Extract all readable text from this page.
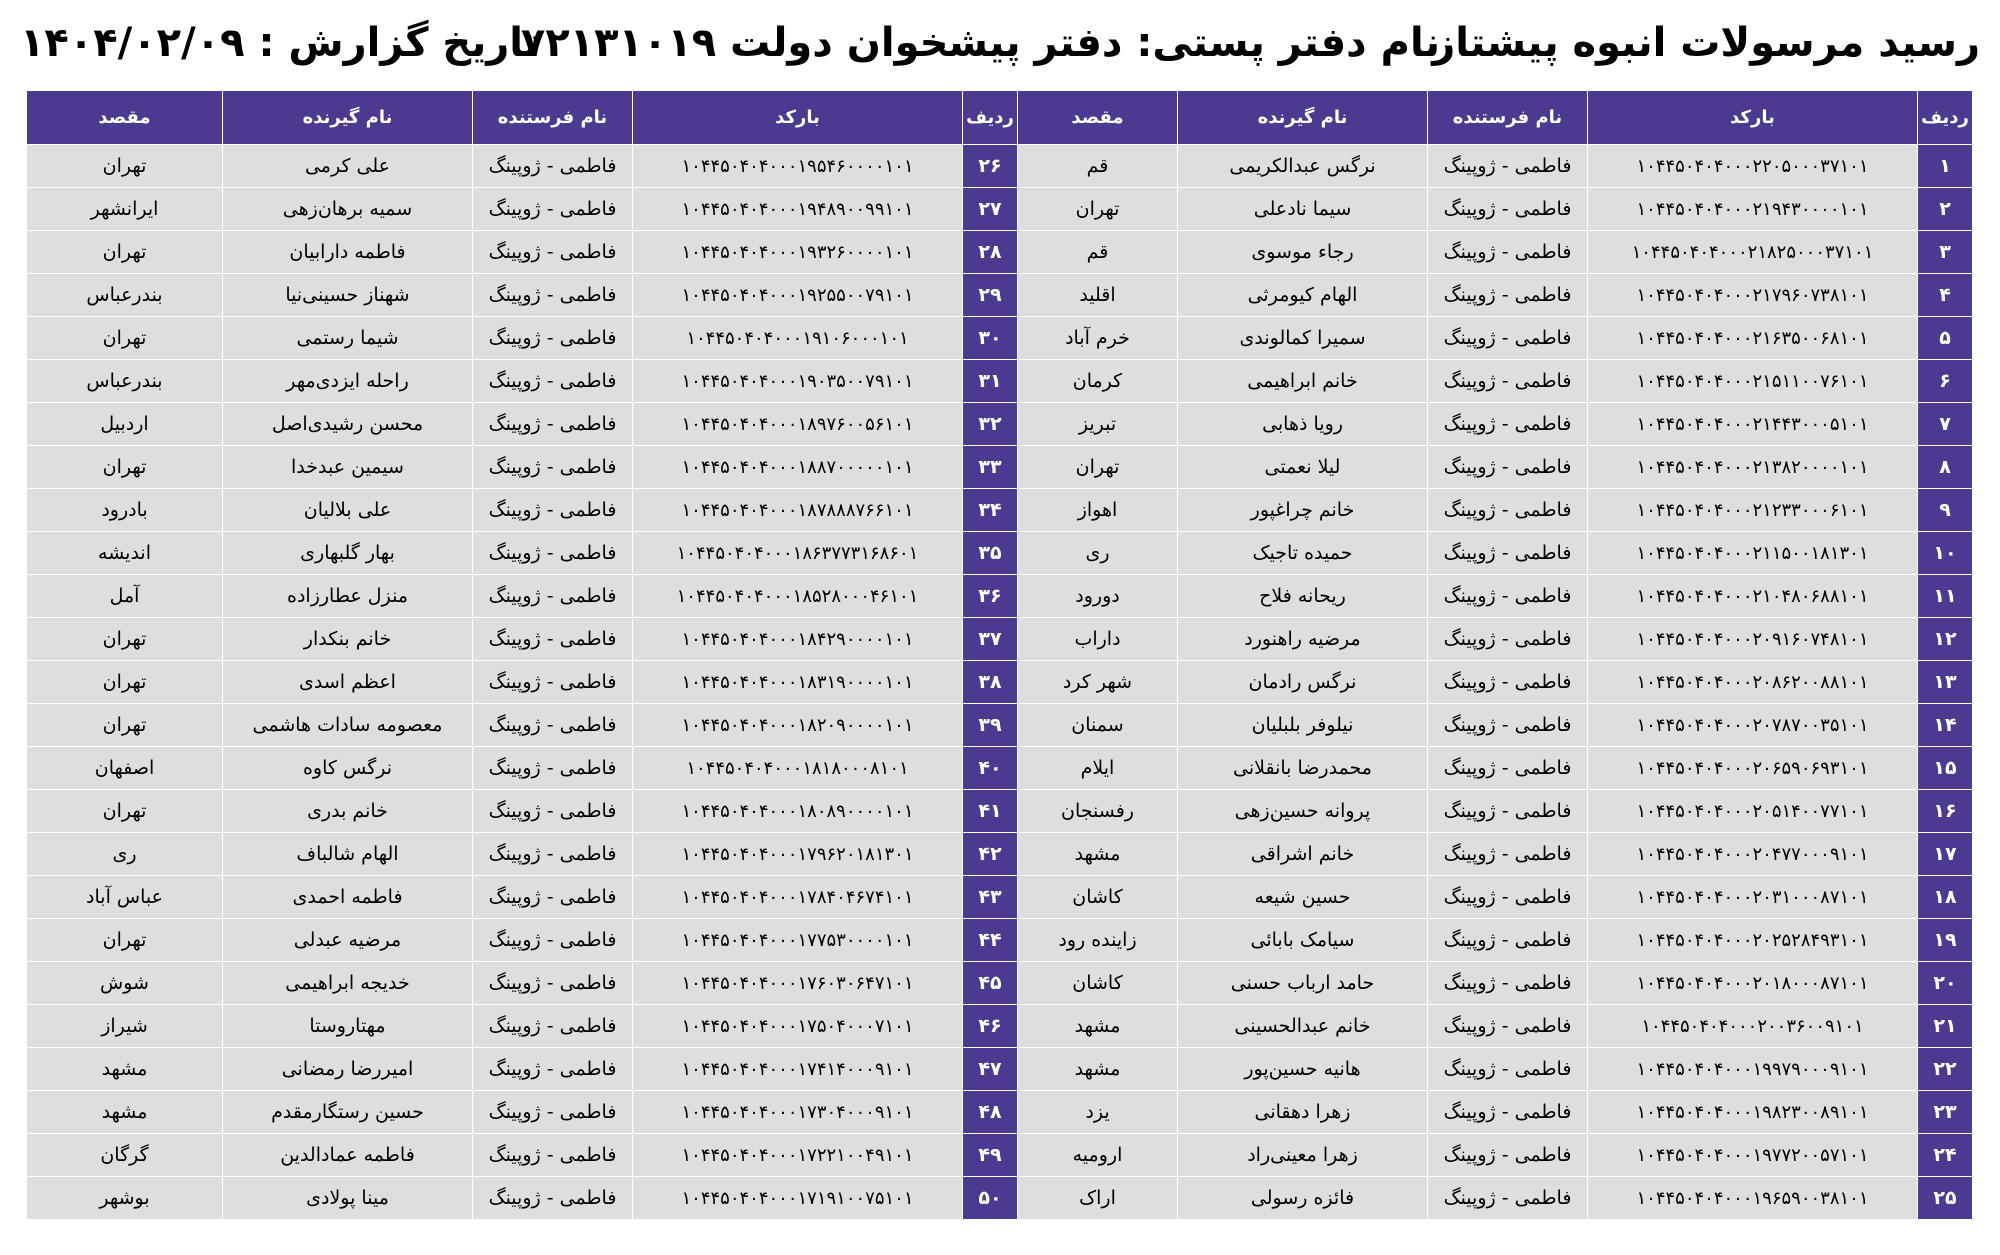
رسید مرسولات انبوه پیشتاز
نام دفتر پستی: دفتر پیشخوان دولت ۷۲۱۳۱۰۱۹
تاریخ گزارش : ۱۴۰۴/۰۲/۰۹
ردیف	بارکد	نام فرستنده	نام گیرنده	مقصد	ردیف	بارکد	نام فرستنده	نام گیرنده	مقصد
۱	۱۰۴۴۵۰۴۰۴۰۰۰۲۲۰۵۰۰۰۳۷۱۰۱	فاطمی - ژوپینگ	نرگس عبدالکریمی	قم	۲۶	۱۰۴۴۵۰۴۰۴۰۰۰۱۹۵۴۶۰۰۰۰۱۰۱	فاطمی - ژوپینگ	علی کرمی	تهران
۲	۱۰۴۴۵۰۴۰۴۰۰۰۲۱۹۴۳۰۰۰۰۱۰۱	فاطمی - ژوپینگ	سیما نادعلی	تهران	۲۷	۱۰۴۴۵۰۴۰۴۰۰۰۱۹۴۸۹۰۰۹۹۱۰۱	فاطمی - ژوپینگ	سمیه برهان‌زهی	ایرانشهر
۳	۱۰۴۴۵۰۴۰۴۰۰۰۲۱۸۲۵۰۰۰۳۷۱۰۱	فاطمی - ژوپینگ	رجاء موسوی	قم	۲۸	۱۰۴۴۵۰۴۰۴۰۰۰۱۹۳۲۶۰۰۰۰۱۰۱	فاطمی - ژوپینگ	فاطمه دارابیان	تهران
۴	۱۰۴۴۵۰۴۰۴۰۰۰۲۱۷۹۶۰۷۳۸۱۰۱	فاطمی - ژوپینگ	الهام کیومرثی	اقلید	۲۹	۱۰۴۴۵۰۴۰۴۰۰۰۱۹۲۵۵۰۰۷۹۱۰۱	فاطمی - ژوپینگ	شهناز حسینی‌نیا	بندرعباس
۵	۱۰۴۴۵۰۴۰۴۰۰۰۲۱۶۳۵۰۰۶۸۱۰۱	فاطمی - ژوپینگ	سمیرا کمالوندی	خرم آباد	۳۰	۱۰۴۴۵۰۴۰۴۰۰۰۱۹۱۰۶۰۰۰۱۰۱	فاطمی - ژوپینگ	شیما رستمی	تهران
۶	۱۰۴۴۵۰۴۰۴۰۰۰۲۱۵۱۱۰۰۷۶۱۰۱	فاطمی - ژوپینگ	خانم ابراهیمی	کرمان	۳۱	۱۰۴۴۵۰۴۰۴۰۰۰۱۹۰۳۵۰۰۷۹۱۰۱	فاطمی - ژوپینگ	راحله ایزدی‌مهر	بندرعباس
۷	۱۰۴۴۵۰۴۰۴۰۰۰۲۱۴۴۳۰۰۰۵۱۰۱	فاطمی - ژوپینگ	رویا ذهابی	تبریز	۳۲	۱۰۴۴۵۰۴۰۴۰۰۰۱۸۹۷۶۰۰۵۶۱۰۱	فاطمی - ژوپینگ	محسن رشیدی‌اصل	اردبیل
۸	۱۰۴۴۵۰۴۰۴۰۰۰۲۱۳۸۲۰۰۰۰۱۰۱	فاطمی - ژوپینگ	لیلا نعمتی	تهران	۳۳	۱۰۴۴۵۰۴۰۴۰۰۰۱۸۸۷۰۰۰۰۰۱۰۱	فاطمی - ژوپینگ	سیمین عبدخدا	تهران
۹	۱۰۴۴۵۰۴۰۴۰۰۰۲۱۲۳۳۰۰۰۶۱۰۱	فاطمی - ژوپینگ	خانم چراغپور	اهواز	۳۴	۱۰۴۴۵۰۴۰۴۰۰۰۱۸۷۸۸۸۷۶۶۱۰۱	فاطمی - ژوپینگ	علی بلالیان	بادرود
۱۰	۱۰۴۴۵۰۴۰۴۰۰۰۲۱۱۵۰۰۱۸۱۳۰۱	فاطمی - ژوپینگ	حمیده تاجیک	ری	۳۵	۱۰۴۴۵۰۴۰۴۰۰۰۱۸۶۳۷۷۳۱۶۸۶۰۱	فاطمی - ژوپینگ	بهار گلبهاری	اندیشه
۱۱	۱۰۴۴۵۰۴۰۴۰۰۰۲۱۰۴۸۰۶۸۸۱۰۱	فاطمی - ژوپینگ	ریحانه فلاح	دورود	۳۶	۱۰۴۴۵۰۴۰۴۰۰۰۱۸۵۲۸۰۰۰۴۶۱۰۱	فاطمی - ژوپینگ	منزل عطارزاده	آمل
۱۲	۱۰۴۴۵۰۴۰۴۰۰۰۲۰۹۱۶۰۷۴۸۱۰۱	فاطمی - ژوپینگ	مرضیه راهنورد	داراب	۳۷	۱۰۴۴۵۰۴۰۴۰۰۰۱۸۴۲۹۰۰۰۰۱۰۱	فاطمی - ژوپینگ	خانم بنکدار	تهران
۱۳	۱۰۴۴۵۰۴۰۴۰۰۰۲۰۸۶۲۰۰۸۸۱۰۱	فاطمی - ژوپینگ	نرگس رادمان	شهر کرد	۳۸	۱۰۴۴۵۰۴۰۴۰۰۰۱۸۳۱۹۰۰۰۰۱۰۱	فاطمی - ژوپینگ	اعظم اسدی	تهران
۱۴	۱۰۴۴۵۰۴۰۴۰۰۰۲۰۷۸۷۰۰۳۵۱۰۱	فاطمی - ژوپینگ	نیلوفر بلبلیان	سمنان	۳۹	۱۰۴۴۵۰۴۰۴۰۰۰۱۸۲۰۹۰۰۰۰۱۰۱	فاطمی - ژوپینگ	معصومه سادات هاشمی	تهران
۱۵	۱۰۴۴۵۰۴۰۴۰۰۰۲۰۶۵۹۰۶۹۳۱۰۱	فاطمی - ژوپینگ	محمدرضا بانقلانی	ایلام	۴۰	۱۰۴۴۵۰۴۰۴۰۰۰۱۸۱۸۰۰۰۸۱۰۱	فاطمی - ژوپینگ	نرگس کاوه	اصفهان
۱۶	۱۰۴۴۵۰۴۰۴۰۰۰۲۰۵۱۴۰۰۷۷۱۰۱	فاطمی - ژوپینگ	پروانه حسین‌زهی	رفسنجان	۴۱	۱۰۴۴۵۰۴۰۴۰۰۰۱۸۰۸۹۰۰۰۰۱۰۱	فاطمی - ژوپینگ	خانم بدری	تهران
۱۷	۱۰۴۴۵۰۴۰۴۰۰۰۲۰۴۷۷۰۰۰۹۱۰۱	فاطمی - ژوپینگ	خانم اشراقی	مشهد	۴۲	۱۰۴۴۵۰۴۰۴۰۰۰۱۷۹۶۲۰۱۸۱۳۰۱	فاطمی - ژوپینگ	الهام شالباف	ری
۱۸	۱۰۴۴۵۰۴۰۴۰۰۰۲۰۳۱۰۰۰۸۷۱۰۱	فاطمی - ژوپینگ	حسین شیعه	کاشان	۴۳	۱۰۴۴۵۰۴۰۴۰۰۰۱۷۸۴۰۴۶۷۴۱۰۱	فاطمی - ژوپینگ	فاطمه احمدی	عباس آباد
۱۹	۱۰۴۴۵۰۴۰۴۰۰۰۲۰۲۵۲۸۴۹۳۱۰۱	فاطمی - ژوپینگ	سیامک بابائی	زاینده رود	۴۴	۱۰۴۴۵۰۴۰۴۰۰۰۱۷۷۵۳۰۰۰۰۱۰۱	فاطمی - ژوپینگ	مرضیه عبدلی	تهران
۲۰	۱۰۴۴۵۰۴۰۴۰۰۰۲۰۱۸۰۰۰۸۷۱۰۱	فاطمی - ژوپینگ	حامد ارباب حسنی	کاشان	۴۵	۱۰۴۴۵۰۴۰۴۰۰۰۱۷۶۰۳۰۶۴۷۱۰۱	فاطمی - ژوپینگ	خدیجه ابراهیمی	شوش
۲۱	۱۰۴۴۵۰۴۰۴۰۰۰۲۰۰۳۶۰۰۹۱۰۱	فاطمی - ژوپینگ	خانم عبدالحسینی	مشهد	۴۶	۱۰۴۴۵۰۴۰۴۰۰۰۱۷۵۰۴۰۰۰۷۱۰۱	فاطمی - ژوپینگ	مهتاروستا	شیراز
۲۲	۱۰۴۴۵۰۴۰۴۰۰۰۱۹۹۷۹۰۰۰۹۱۰۱	فاطمی - ژوپینگ	هانیه حسین‌پور	مشهد	۴۷	۱۰۴۴۵۰۴۰۴۰۰۰۱۷۴۱۴۰۰۰۹۱۰۱	فاطمی - ژوپینگ	امیررضا رمضانی	مشهد
۲۳	۱۰۴۴۵۰۴۰۴۰۰۰۱۹۸۲۳۰۰۸۹۱۰۱	فاطمی - ژوپینگ	زهرا دهقانی	یزد	۴۸	۱۰۴۴۵۰۴۰۴۰۰۰۱۷۳۰۴۰۰۰۹۱۰۱	فاطمی - ژوپینگ	حسین رستگارمقدم	مشهد
۲۴	۱۰۴۴۵۰۴۰۴۰۰۰۱۹۷۷۲۰۰۵۷۱۰۱	فاطمی - ژوپینگ	زهرا معینی‌راد	ارومیه	۴۹	۱۰۴۴۵۰۴۰۴۰۰۰۱۷۲۲۱۰۰۴۹۱۰۱	فاطمی - ژوپینگ	فاطمه عمادالدین	گرگان
۲۵	۱۰۴۴۵۰۴۰۴۰۰۰۱۹۶۵۹۰۰۳۸۱۰۱	فاطمی - ژوپینگ	فائزه رسولی	اراک	۵۰	۱۰۴۴۵۰۴۰۴۰۰۰۱۷۱۹۱۰۰۷۵۱۰۱	فاطمی - ژوپینگ	مینا پولادی	بوشهر
